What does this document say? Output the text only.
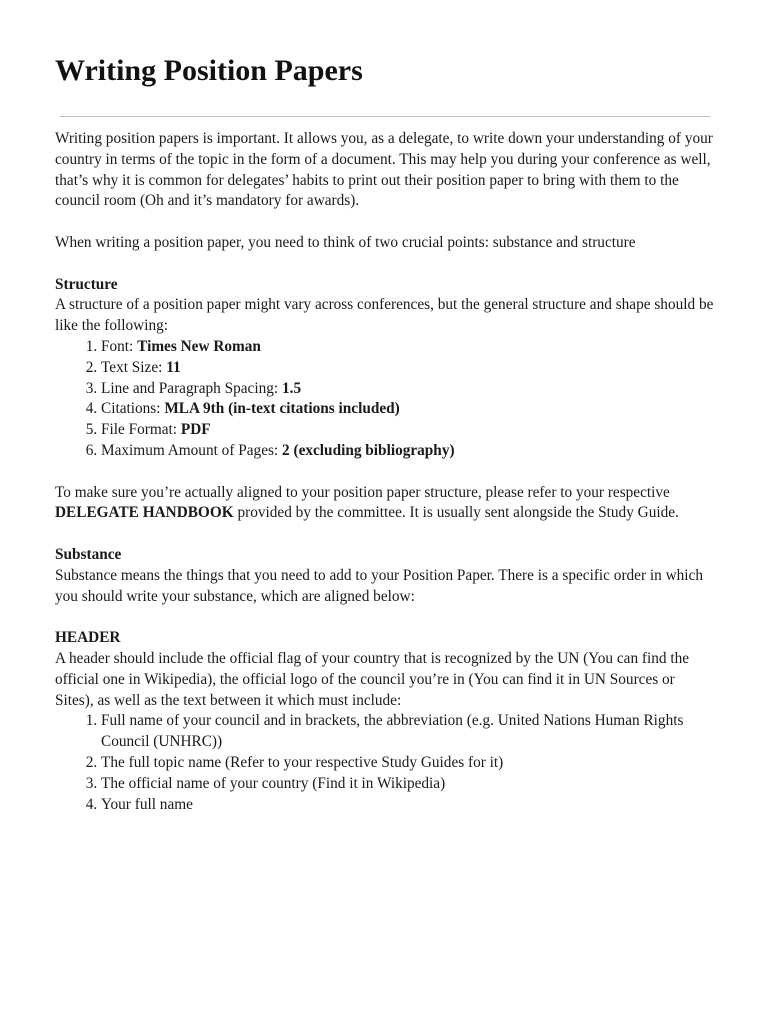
Writing Position Papers

Writing position papers is important. It allows you, as a delegate, to write down your understanding of your country in terms of the topic in the form of a document. This may help you during your conference as well, that’s why it is common for delegates’ habits to print out their position paper to bring with them to the council room (Oh and it’s mandatory for awards).

When writing a position paper, you need to think of two crucial points: substance and structure

Structure

A structure of a position paper might vary across conferences, but the general structure and shape should be like the following:

1. Font: Times New Roman
2. Text Size: 11
3. Line and Paragraph Spacing: 1.5
4. Citations: MLA 9th (in-text citations included)
5. File Format: PDF
6. Maximum Amount of Pages: 2 (excluding bibliography)

To make sure you’re actually aligned to your position paper structure, please refer to your respective DELEGATE HANDBOOK provided by the committee. It is usually sent alongside the Study Guide.

Substance

Substance means the things that you need to add to your Position Paper. There is a specific order in which you should write your substance, which are aligned below:

HEADER

A header should include the official flag of your country that is recognized by the UN (You can find the official one in Wikipedia), the official logo of the council you’re in (You can find it in UN Sources or Sites), as well as the text between it which must include:

1. Full name of your council and in brackets, the abbreviation (e.g. United Nations Human Rights Council (UNHRC))
2. The full topic name (Refer to your respective Study Guides for it)
3. The official name of your country (Find it in Wikipedia)
4. Your full name
